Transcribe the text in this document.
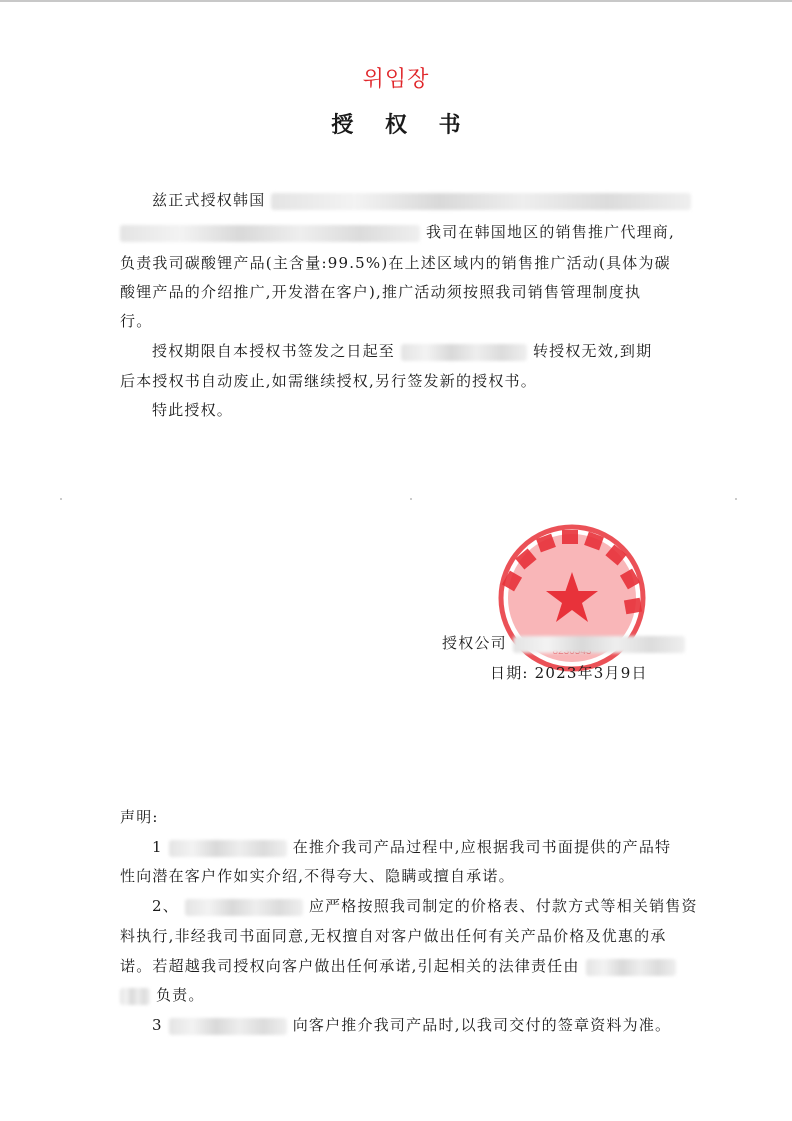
위임장
授 权 书
兹正式授权韩国
我司在韩国地区的销售推广代理商,
负责我司碳酸锂产品(主含量:99.5%)在上述区域内的销售推广活动(具体为碳
酸锂产品的介绍推广,开发潜在客户),推广活动须按照我司销售管理制度执
行。
授权期限自本授权书签发之日起至	转授权无效,到期
后本授权书自动废止,如需继续授权,另行签发新的授权书。
特此授权。
授权公司
日期: 2023年3月9日
声明:
1	在推介我司产品过程中,应根据我司书面提供的产品特
性向潜在客户作如实介绍,不得夸大、隐瞒或擅自承诺。
2、	应严格按照我司制定的价格表、付款方式等相关销售资
料执行,非经我司书面同意,无权擅自对客户做出任何有关产品价格及优惠的承
诺。若超越我司授权向客户做出任何承诺,引起相关的法律责任由
负责。
3	向客户推介我司产品时,以我司交付的签章资料为准。
